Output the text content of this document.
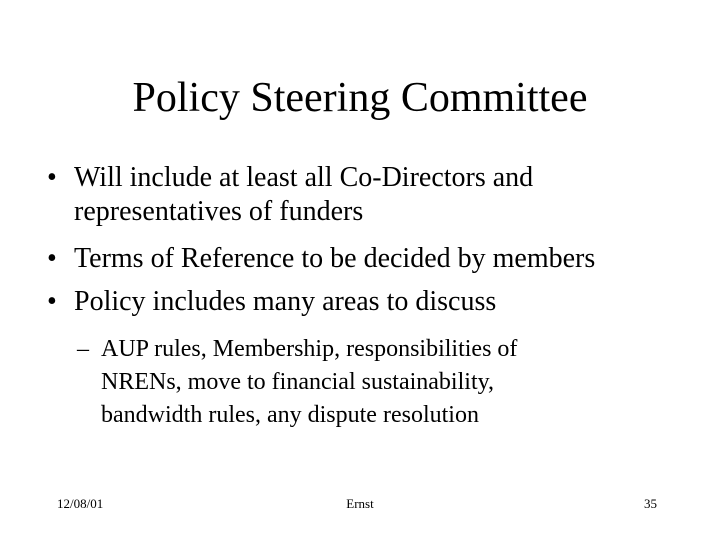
Policy Steering Committee
• Will include at least all Co-Directors and
representatives of funders
• Terms of Reference to be decided by members
• Policy includes many areas to discuss
– AUP rules, Membership, responsibilities of
NRENs, move to financial sustainability,
bandwidth rules, any dispute resolution
12/08/01	Ernst	35
